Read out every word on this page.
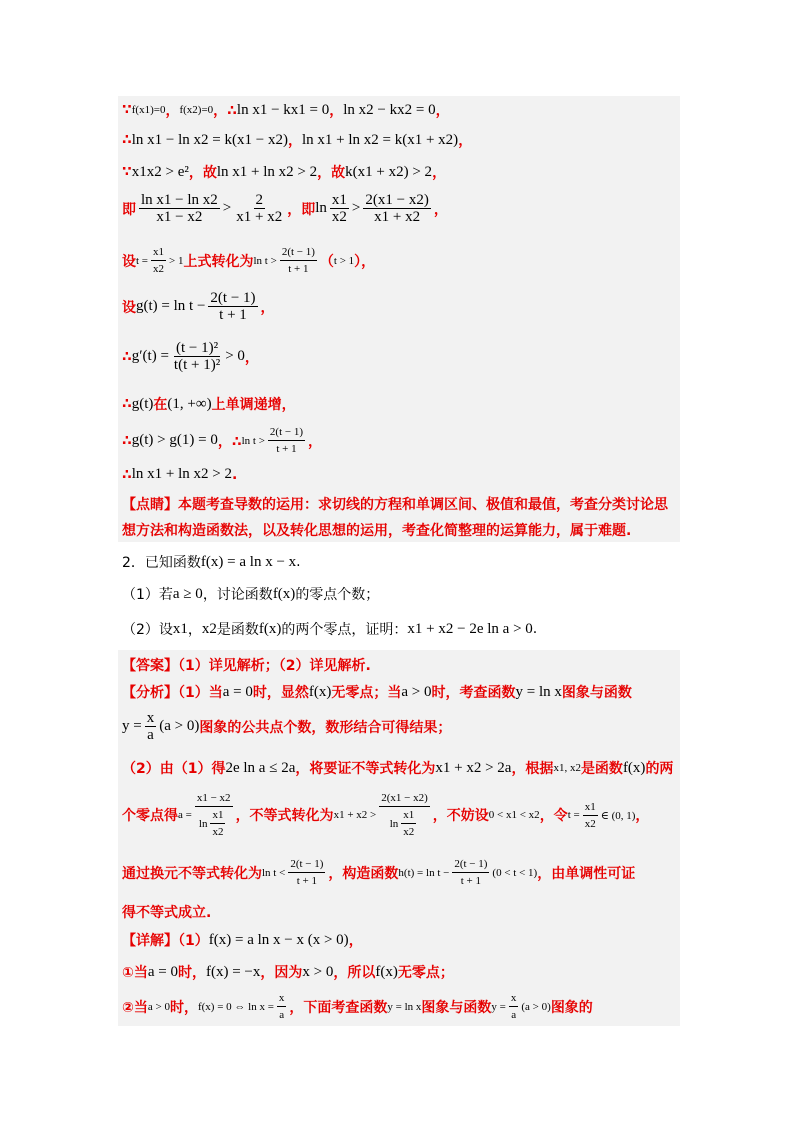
∵ f(x1)=0 ， f(x2)=0 ，∴ ln x1 − kx1 = 0 ， ln x2 − kx2 = 0 ，
∴ ln x1 − ln x2 = k(x1 − x2) ， ln x1 + ln x2 = k(x1 + x2) ，
∵ x1x2 > e² ，故 ln x1 + ln x2 > 2 ，故 k(x1 + x2) > 2 ，
即 $\frac{\text{ln x1 − ln x2}}{x1 - x2} > \frac{2}{x1 + x2}$ ，即 $\ln \frac{x1}{x2} > \frac{2(x1 - x2)}{x1 + x2}$ ，
设 $t = \frac{x1}{x2} > 1$ 上式转化为 $\ln t > \frac{2(t - 1)}{t + 1}$ （ t > 1 ），
设 $g(t) = \ln t - \frac{2(t - 1)}{t + 1}$ ，
∴ $g'(t) = \frac{\text{(t − 1)²}}{\text{t(t + 1)²}} > 0$ ，
∴ g(t) 在 (1, +∞) 上单调递增，
∴ g(t) > g(1) = 0 ，∴ $\ln t > \frac{2(t - 1)}{t + 1}$ ，
∴ ln x1 + ln x2 > 2 .
【点睛】本题考查导数的运用：求切线的方程和单调区间、极值和最值，考查分类讨论思
想方法和构造函数法，以及转化思想的运用，考查化简整理的运算能力，属于难题.
2．已知函数 f(x) = a ln x − x .
（1）若 a ≥ 0 ，讨论函数 f(x) 的零点个数；
（2）设 x1 ， x2 是函数 f(x) 的两个零点，证明： x1 + x2 − 2e ln a > 0 .
【答案】（1）详见解析；（2）详见解析.
【分析】（1）当 a = 0 时，显然 f(x) 无零点；当 a > 0 时，考查函数 y = ln x 图象与函数
$y = \frac{x}{a} (a > 0)$ 图象的公共点个数，数形结合可得结果；
（2）由（1）得 2e ln a ≤ 2a ，将要证不等式转化为 x1 + x2 > 2a ，根据 x1, x2 是函数 f(x) 的两
个零点得 $a = \frac{x1 - x2}{\ln \frac{x1}{x2}}$ ，不等式转化为 $x1 + x2 > \frac{2(x1 - x2)}{\ln \frac{x1}{x2}}$ ，不妨设 0 < x1 < x2 ，令 $t = \frac{x1}{x2}$ ∈ (0, 1) ，
通过换元不等式转化为 $\ln t < \frac{2(t - 1)}{t + 1}$ ，构造函数 $h(t) = \ln t - \frac{2(t - 1)}{t + 1} (0 < t < 1)$ ，由单调性可证
得不等式成立.
【详解】（1） f(x) = a ln x − x (x > 0) ，
①当 a = 0 时， f(x) = −x ，因为 x > 0 ，所以 f(x) 无零点；
②当 a > 0 时， f(x) = 0 ⇔ $\ln x = \frac{x}{a}$ ，下面考查函数 y = ln x 图象与函数 $y = \frac{x}{a} (a > 0)$ 图象的
